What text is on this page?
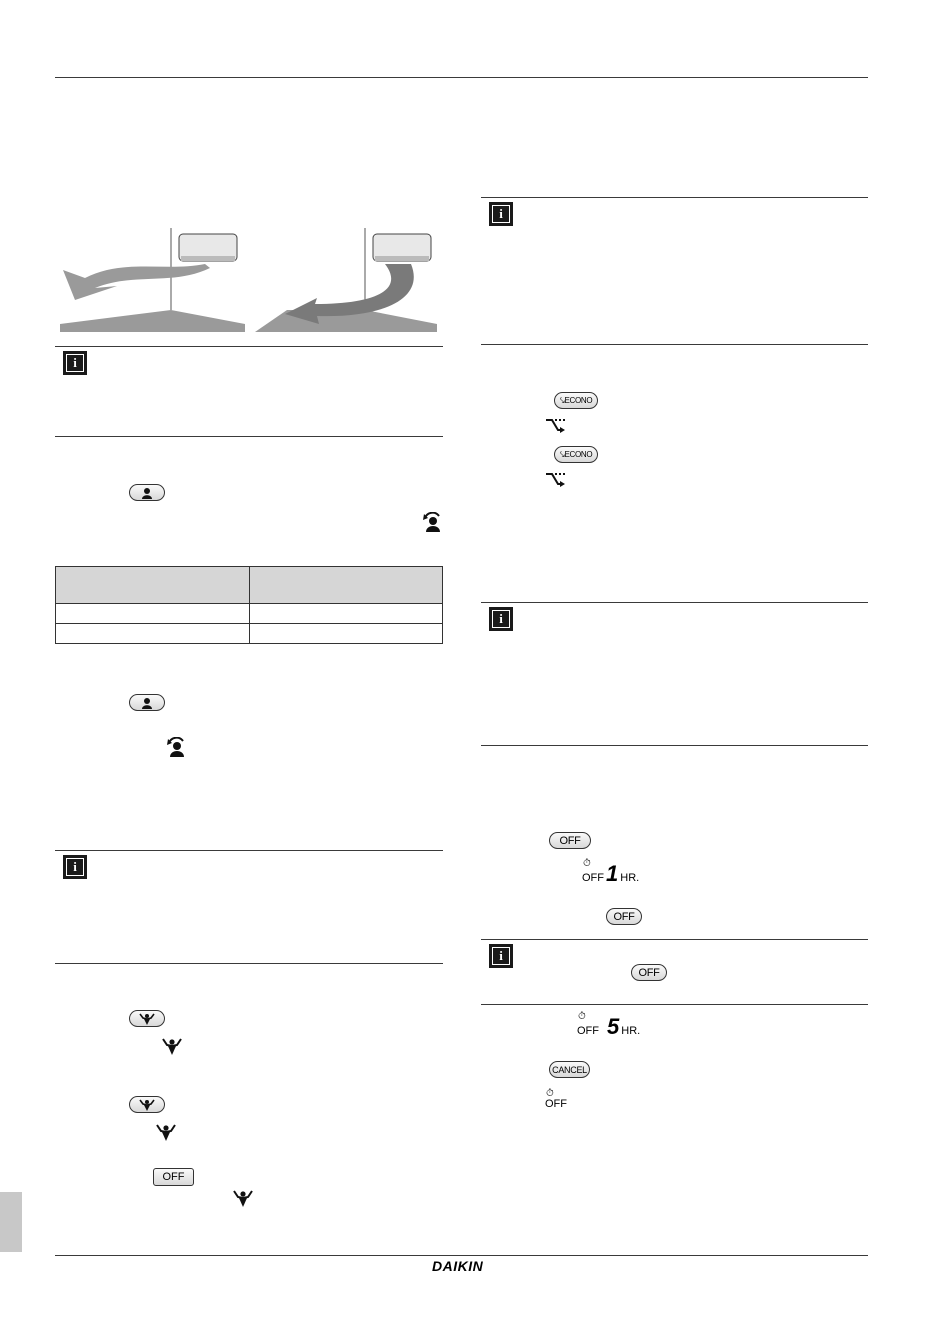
i

i
OFF
i
⤥ ECONO
⤥ ECONO
i
OFF
⏱
OFF1 HR.
OFF
i
OFF
⏱
OFF 5 HR.
CANCEL
⏱
OFF
DAIKIN
